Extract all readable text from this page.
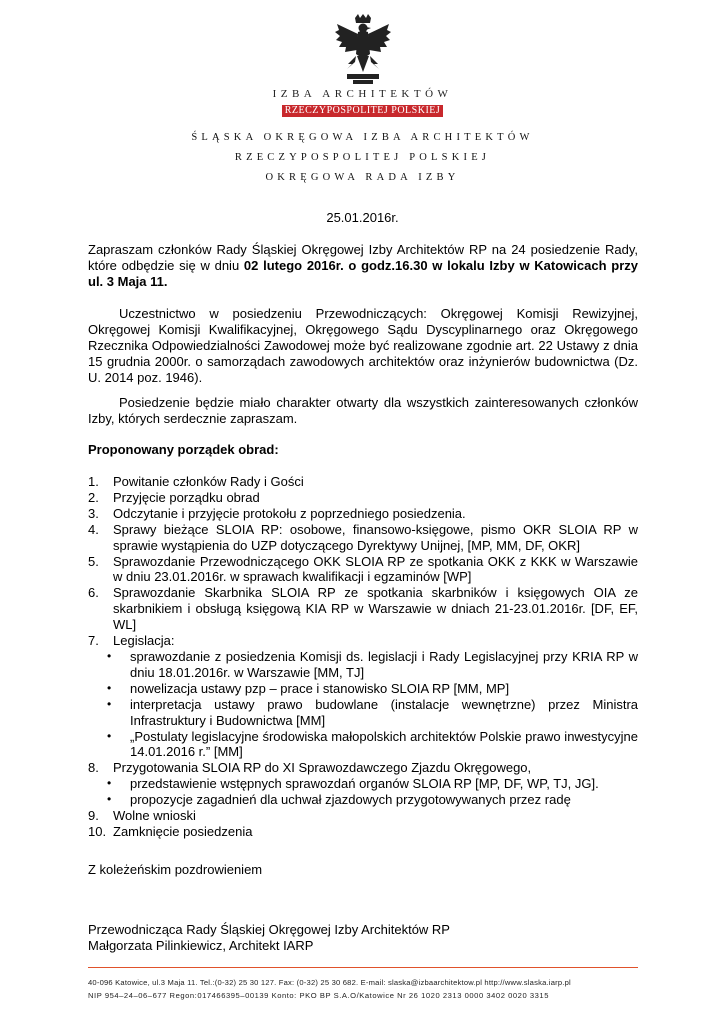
IZBA ARCHITEKTÓW
RZECZYPOSPOLITEJ POLSKIEJ
ŚLĄSKA OKRĘGOWA IZBA ARCHITEKTÓW
RZECZYPOSPOLITEJ POLSKIEJ
OKRĘGOWA RADA IZBY
25.01.2016r.
Zapraszam członków Rady Śląskiej Okręgowej Izby Architektów RP na 24 posiedzenie Rady, które odbędzie się w dniu 02 lutego 2016r. o godz.16.30 w lokalu Izby w Katowicach przy ul. 3 Maja 11.
Uczestnictwo w posiedzeniu Przewodniczących: Okręgowej Komisji Rewizyjnej, Okręgowej Komisji Kwalifikacyjnej, Okręgowego Sądu Dyscyplinarnego oraz Okręgowego Rzecznika Odpowiedzialności Zawodowej może być realizowane zgodnie art. 22 Ustawy z dnia 15 grudnia 2000r. o samorządach zawodowych architektów oraz inżynierów budownictwa (Dz. U. 2014 poz. 1946).
Posiedzenie będzie miało charakter otwarty dla wszystkich zainteresowanych członków Izby, których serdecznie zapraszam.
Proponowany porządek obrad:
1. Powitanie członków Rady i Gości
2. Przyjęcie porządku obrad
3. Odczytanie i przyjęcie protokołu z poprzedniego posiedzenia.
4. Sprawy bieżące SLOIA RP: osobowe, finansowo-księgowe, pismo OKR SLOIA RP w sprawie wystąpienia do UZP dotyczącego Dyrektywy Unijnej, [MP, MM, DF, OKR]
5. Sprawozdanie Przewodniczącego OKK SLOIA RP ze spotkania OKK z KKK w Warszawie w dniu 23.01.2016r. w sprawach kwalifikacji i egzaminów [WP]
6. Sprawozdanie Skarbnika SLOIA RP ze spotkania skarbników i księgowych OIA ze skarbnikiem i obsługą księgową KIA RP w Warszawie w dniach 21-23.01.2016r. [DF, EF, WL]
7. Legislacja:
• sprawozdanie z posiedzenia Komisji ds. legislacji i Rady Legislacyjnej przy KRIA RP w dniu 18.01.2016r. w Warszawie [MM, TJ]
• nowelizacja ustawy pzp – prace i stanowisko SLOIA RP [MM, MP]
• interpretacja ustawy prawo budowlane (instalacje wewnętrzne) przez Ministra Infrastruktury i Budownictwa [MM]
• „Postulaty legislacyjne środowiska małopolskich architektów Polskie prawo inwestycyjne 14.01.2016 r.” [MM]
8. Przygotowania SLOIA RP do XI Sprawozdawczego Zjazdu Okręgowego,
• przedstawienie wstępnych sprawozdań organów SLOIA RP [MP, DF, WP, TJ, JG].
• propozycje zagadnień dla uchwał zjazdowych przygotowywanych przez radę
9. Wolne wnioski
10. Zamknięcie posiedzenia
Z koleżeńskim pozdrowieniem
Przewodnicząca Rady Śląskiej Okręgowej Izby Architektów RP
Małgorzata Pilinkiewicz, Architekt IARP
40-096 Katowice, ul.3 Maja 11. Tel.:(0-32) 25 30 127. Fax: (0-32) 25 30 682. E-mail: slaska@izbaarchitektow.pl http://www.slaska.iarp.pl
NIP 954–24–06–677 Regon:017466395–00139 Konto: PKO BP S.A.O/Katowice Nr 26 1020 2313 0000 3402 0020 3315
